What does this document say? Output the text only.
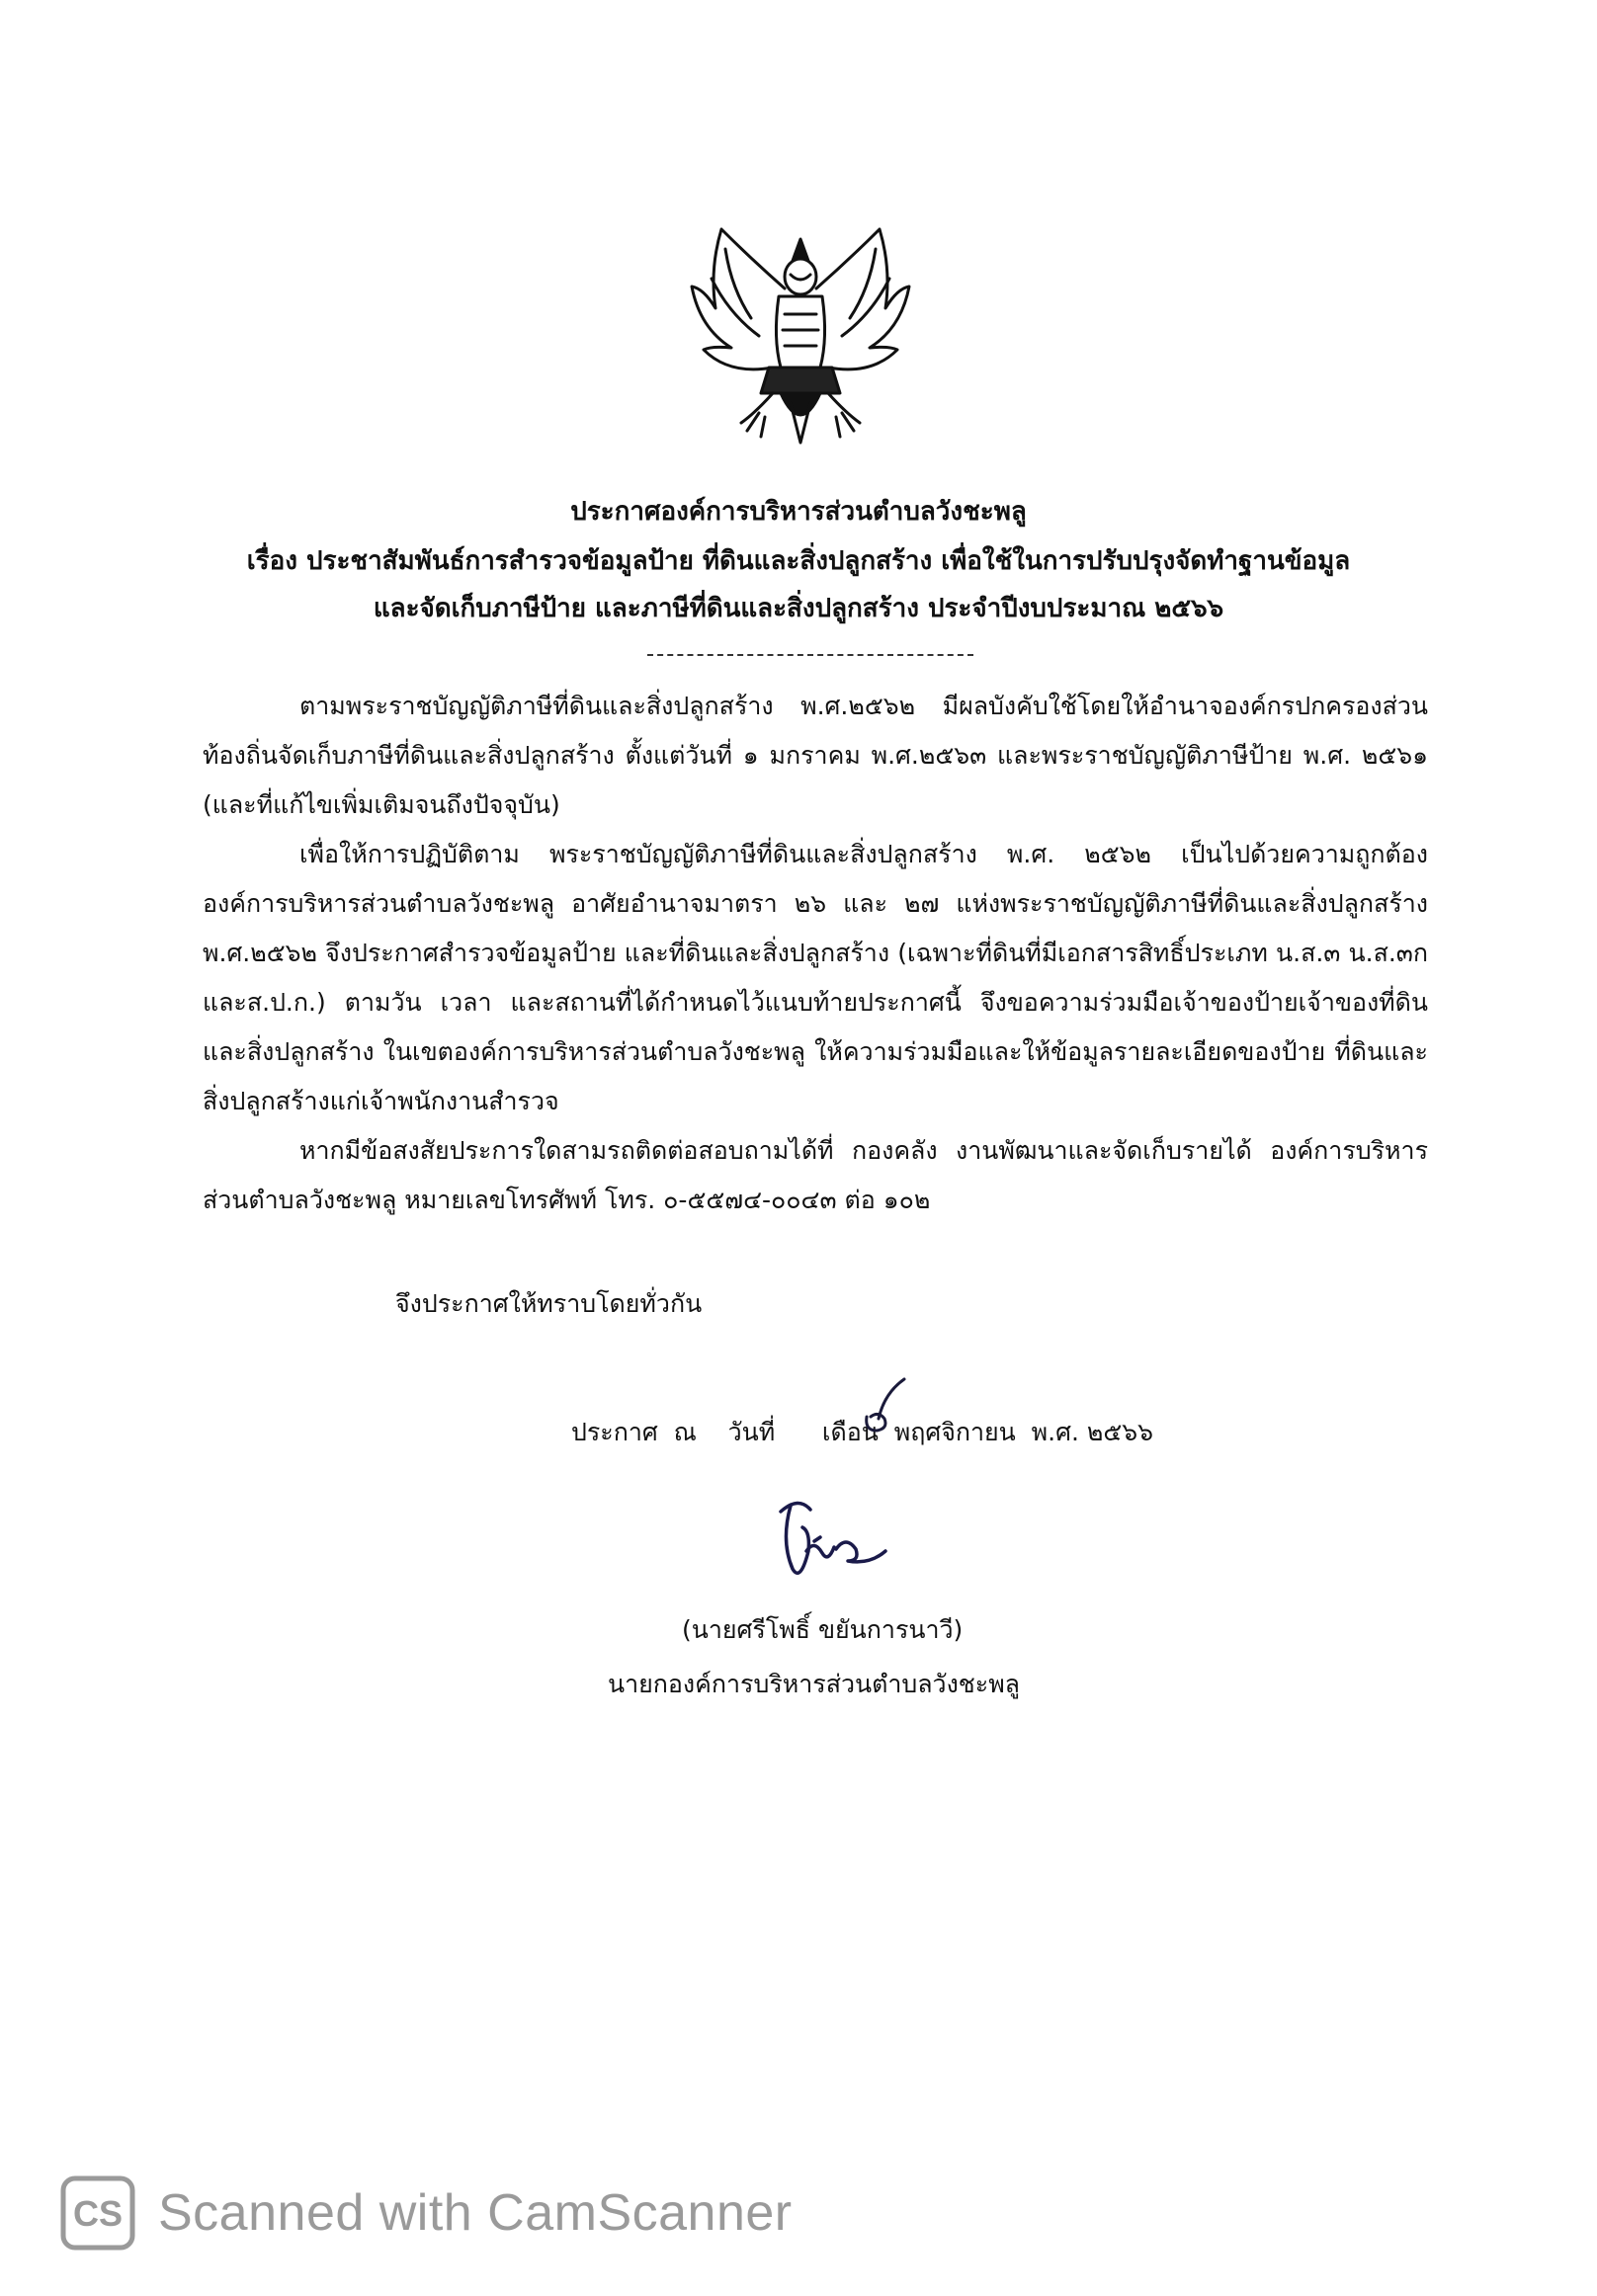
ประกาศองค์การบริหารส่วนตำบลวังชะพลู
เรื่อง ประชาสัมพันธ์การสำรวจข้อมูลป้าย ที่ดินและสิ่งปลูกสร้าง เพื่อใช้ในการปรับปรุงจัดทำฐานข้อมูล
และจัดเก็บภาษีป้าย และภาษีที่ดินและสิ่งปลูกสร้าง ประจำปีงบประมาณ ๒๕๖๖
ตามพระราชบัญญัติภาษีที่ดินและสิ่งปลูกสร้าง พ.ศ.๒๕๖๒ มีผลบังคับใช้โดยให้อำนาจองค์กรปกครองส่วนท้องถิ่นจัดเก็บภาษีที่ดินและสิ่งปลูกสร้าง ตั้งแต่วันที่ ๑ มกราคม พ.ศ.๒๕๖๓ และพระราชบัญญัติภาษีป้าย พ.ศ. ๒๕๖๑ (และที่แก้ไขเพิ่มเติมจนถึงปัจจุบัน)
เพื่อให้การปฏิบัติตาม พระราชบัญญัติภาษีที่ดินและสิ่งปลูกสร้าง พ.ศ. ๒๕๖๒ เป็นไปด้วยความถูกต้อง องค์การบริหารส่วนตำบลวังชะพลู อาศัยอำนาจมาตรา ๒๖ และ ๒๗ แห่งพระราชบัญญัติภาษีที่ดินและสิ่งปลูกสร้าง พ.ศ.๒๕๖๒ จึงประกาศสำรวจข้อมูลป้าย และที่ดินและสิ่งปลูกสร้าง (เฉพาะที่ดินที่มีเอกสารสิทธิ์ประเภท น.ส.๓ น.ส.๓ก และส.ป.ก.) ตามวัน เวลา และสถานที่ได้กำหนดไว้แนบท้ายประกาศนี้ จึงขอความร่วมมือเจ้าของป้ายเจ้าของที่ดินและสิ่งปลูกสร้าง ในเขตองค์การบริหารส่วนตำบลวังชะพลู ให้ความร่วมมือและให้ข้อมูลรายละเอียดของป้าย ที่ดินและสิ่งปลูกสร้างแก่เจ้าพนักงานสำรวจ
หากมีข้อสงสัยประการใดสามรถติดต่อสอบถามได้ที่ กองคลัง งานพัฒนาและจัดเก็บรายได้ องค์การบริหารส่วนตำบลวังชะพลู หมายเลขโทรศัพท์ โทร. ๐-๕๕๗๔-๐๐๔๓ ต่อ ๑๐๒
จึงประกาศให้ทราบโดยทั่วกัน
ประกาศ  ณ    วันที่      เดือน  พฤศจิกายน  พ.ศ. ๒๕๖๖
(นายศรีโพธิ์ ขยันการนาวี)
นายกองค์การบริหารส่วนตำบลวังชะพลู
CS Scanned with CamScanner
